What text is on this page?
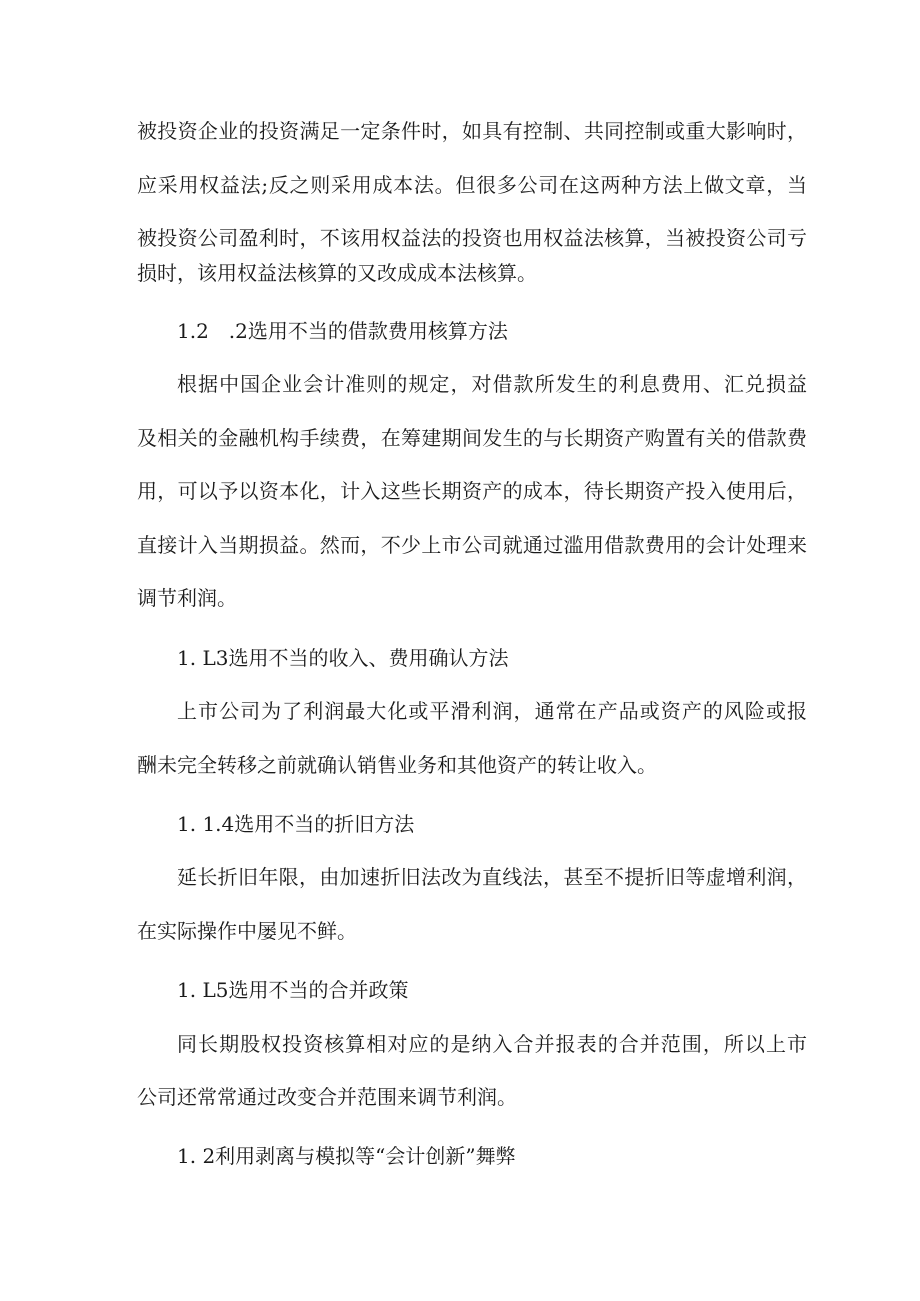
被投资企业的投资满足一定条件时，如具有控制、共同控制或重大影响时，
应采用权益法;反之则采用成本法。但很多公司在这两种方法上做文章，当
被投资公司盈利时，不该用权益法的投资也用权益法核算，当被投资公司亏
损时，该用权益法核算的又改成成本法核算。
1.2　.2选用不当的借款费用核算方法
根据中国企业会计准则的规定，对借款所发生的利息费用、汇兑损益
及相关的金融机构手续费，在筹建期间发生的与长期资产购置有关的借款费
用，可以予以资本化，计入这些长期资产的成本，待长期资产投入使用后，
直接计入当期损益。然而，不少上市公司就通过滥用借款费用的会计处理来
调节利润。
1. L3选用不当的收入、费用确认方法
上市公司为了利润最大化或平滑利润，通常在产品或资产的风险或报
酬未完全转移之前就确认销售业务和其他资产的转让收入。
1. 1.4选用不当的折旧方法
延长折旧年限，由加速折旧法改为直线法，甚至不提折旧等虚增利润，
在实际操作中屡见不鲜。
1. L5选用不当的合并政策
同长期股权投资核算相对应的是纳入合并报表的合并范围，所以上市
公司还常常通过改变合并范围来调节利润。
1. 2利用剥离与模拟等“会计创新”舞弊
